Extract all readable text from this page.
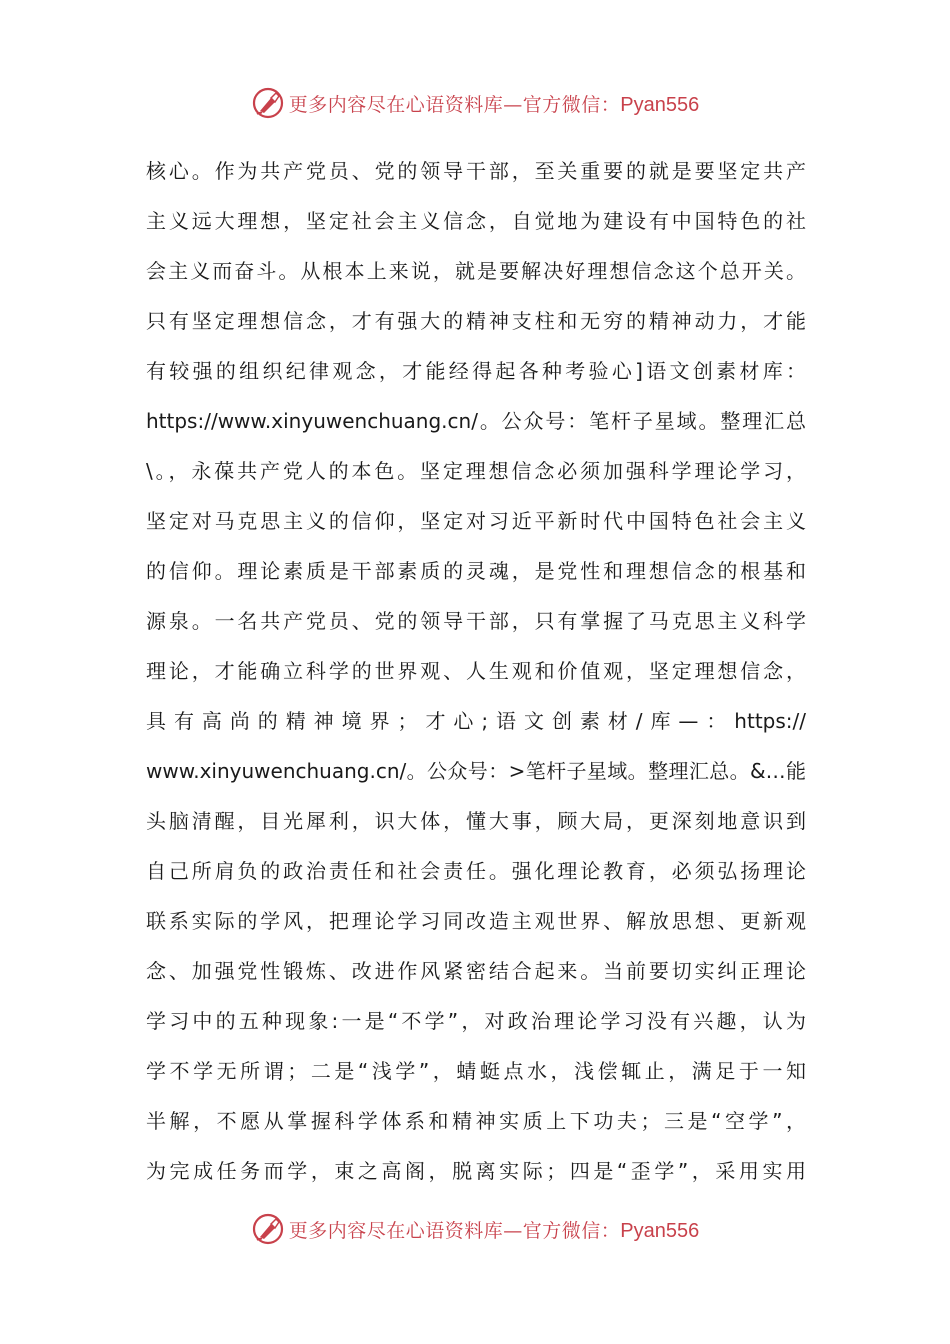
更多内容尽在心语资料库—官方微信：Pyan556
核心。作为共产党员、党的领导干部，至关重要的就是要坚定共产
主义远大理想，坚定社会主义信念，自觉地为建设有中国特色的社
会主义而奋斗。从根本上来说，就是要解决好理想信念这个总开关。
只有坚定理想信念，才有强大的精神支柱和无穷的精神动力，才能
有较强的组织纪律观念，才能经得起各种考验心]语文创素材库：
https://www.xinyuwenchuang.cn/。公众号：笔杆子星域。整理汇总
\。，永葆共产党人的本色。坚定理想信念必须加强科学理论学习，
坚定对马克思主义的信仰，坚定对习近平新时代中国特色社会主义
的信仰。理论素质是干部素质的灵魂，是党性和理想信念的根基和
源泉。一名共产党员、党的领导干部，只有掌握了马克思主义科学
理论，才能确立科学的世界观、人生观和价值观，坚定理想信念，
具有高尚的精神境界；才心;语文创素材/库—：https://
www.xinyuwenchuang.cn/。公众号：>笔杆子星域。整理汇总。&…能
头脑清醒，目光犀利，识大体，懂大事，顾大局，更深刻地意识到
自己所肩负的政治责任和社会责任。强化理论教育，必须弘扬理论
联系实际的学风，把理论学习同改造主观世界、解放思想、更新观
念、加强党性锻炼、改进作风紧密结合起来。当前要切实纠正理论
学习中的五种现象:一是“不学”，对政治理论学习没有兴趣，认为
学不学无所谓；二是“浅学”，蜻蜓点水，浅偿辄止，满足于一知
半解，不愿从掌握科学体系和精神实质上下功夫；三是“空学”，
为完成任务而学，束之高阁，脱离实际；四是“歪学”，采用实用
更多内容尽在心语资料库—官方微信：Pyan556
